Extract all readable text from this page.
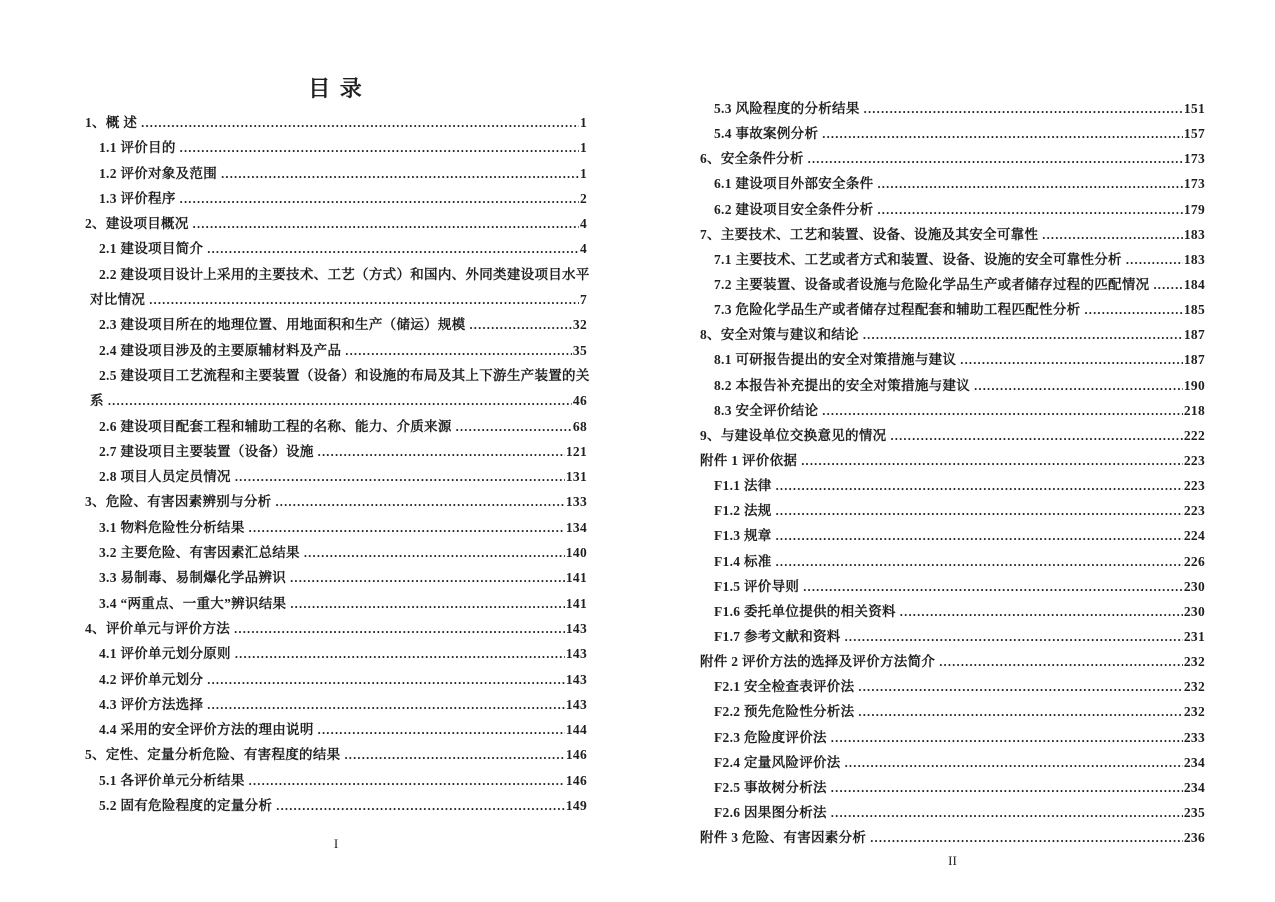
目 录
1、概 述 .....	1
1.1 评价目的 .....	1
1.2 评价对象及范围 .....	1
1.3 评价程序 .....	2
2、建设项目概况 .....	4
2.1 建设项目简介 .....	4
2.2 建设项目设计上采用的主要技术、工艺（方式）和国内、外同类建设项目水平
对比情况 .....	7
2.3 建设项目所在的地理位置、用地面积和生产（储运）规模 .....	32
2.4 建设项目涉及的主要原辅材料及产品 .....	35
2.5 建设项目工艺流程和主要装置（设备）和设施的布局及其上下游生产装置的关
系 .....	46
2.6 建设项目配套工程和辅助工程的名称、能力、介质来源 .....	68
2.7 建设项目主要装置（设备）设施 .....	121
2.8 项目人员定员情况 .....	131
3、危险、有害因素辨别与分析 .....	133
3.1 物料危险性分析结果 .....	134
3.2 主要危险、有害因素汇总结果 .....	140
3.3 易制毒、易制爆化学品辨识 .....	141
3.4 “两重点、一重大”辨识结果 .....	141
4、评价单元与评价方法 .....	143
4.1 评价单元划分原则 .....	143
4.2 评价单元划分 .....	143
4.3 评价方法选择 .....	143
4.4 采用的安全评价方法的理由说明 .....	144
5、定性、定量分析危险、有害程度的结果 .....	146
5.1 各评价单元分析结果 .....	146
5.2 固有危险程度的定量分析 .....	149
I
5.3 风险程度的分析结果 .....	151
5.4 事故案例分析 .....	157
6、安全条件分析 .....	173
6.1 建设项目外部安全条件 .....	173
6.2 建设项目安全条件分析 .....	179
7、主要技术、工艺和装置、设备、设施及其安全可靠性 .....	183
7.1 主要技术、工艺或者方式和装置、设备、设施的安全可靠性分析 .....	183
7.2 主要装置、设备或者设施与危险化学品生产或者储存过程的匹配情况 .....	184
7.3 危险化学品生产或者储存过程配套和辅助工程匹配性分析 .....	185
8、安全对策与建议和结论 .....	187
8.1 可研报告提出的安全对策措施与建议 .....	187
8.2 本报告补充提出的安全对策措施与建议 .....	190
8.3 安全评价结论 .....	218
9、与建设单位交换意见的情况 .....	222
附件 1 评价依据 .....	223
F1.1 法律 .....	223
F1.2 法规 .....	223
F1.3 规章 .....	224
F1.4 标准 .....	226
F1.5 评价导则 .....	230
F1.6 委托单位提供的相关资料 .....	230
F1.7 参考文献和资料 .....	231
附件 2 评价方法的选择及评价方法简介 .....	232
F2.1 安全检查表评价法 .....	232
F2.2 预先危险性分析法 .....	232
F2.3 危险度评价法 .....	233
F2.4 定量风险评价法 .....	234
F2.5 事故树分析法 .....	234
F2.6 因果图分析法 .....	235
附件 3 危险、有害因素分析 .....	236
II
